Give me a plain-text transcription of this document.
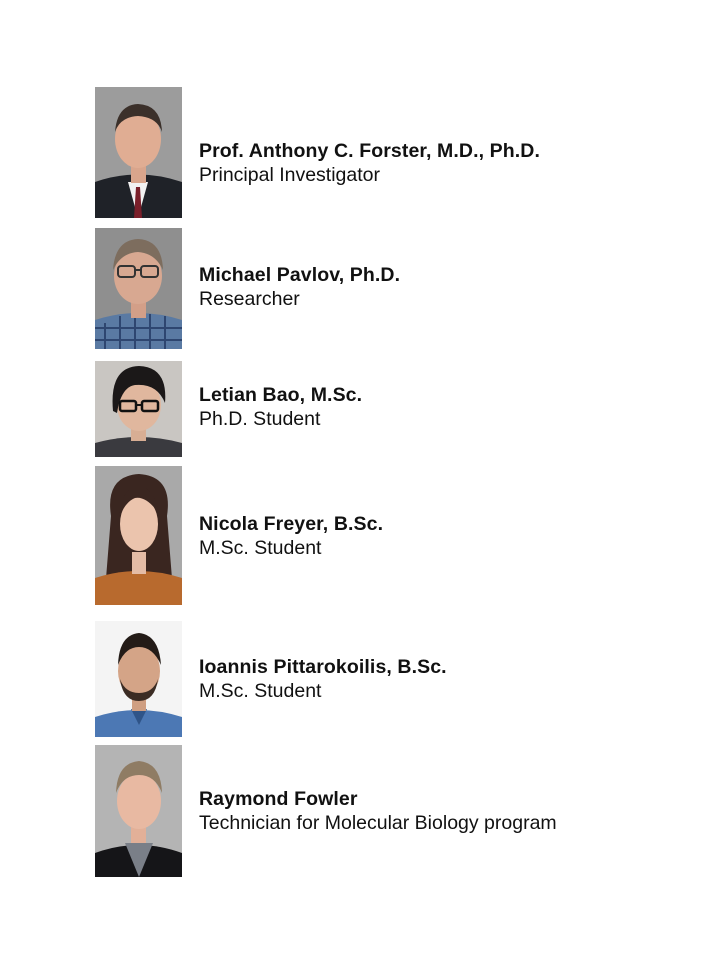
Prof. Anthony C. Forster, M.D., Ph.D.
Principal Investigator
Michael Pavlov, Ph.D.
Researcher
Letian Bao, M.Sc.
Ph.D. Student
Nicola Freyer, B.Sc.
M.Sc. Student
Ioannis Pittarokoilis, B.Sc.
M.Sc. Student
Raymond Fowler
Technician for Molecular Biology program
